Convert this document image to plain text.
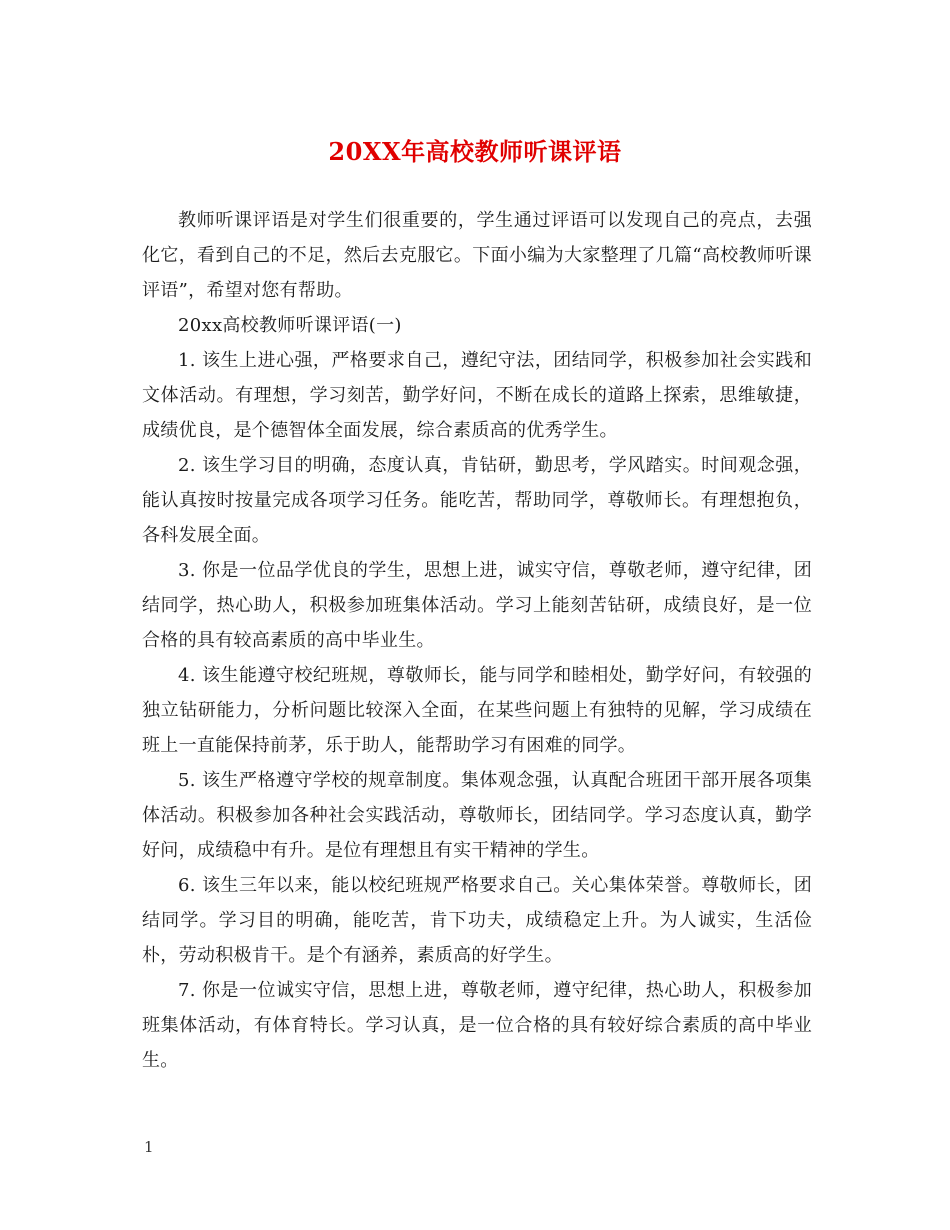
20XX年高校教师听课评语

教师听课评语是对学生们很重要的，学生通过评语可以发现自己的亮点，去强化它，看到自己的不足，然后去克服它。下面小编为大家整理了几篇“高校教师听课评语”，希望对您有帮助。

20xx高校教师听课评语(一)

1. 该生上进心强，严格要求自己，遵纪守法，团结同学，积极参加社会实践和文体活动。有理想，学习刻苦，勤学好问，不断在成长的道路上探索，思维敏捷，成绩优良，是个德智体全面发展，综合素质高的优秀学生。

2. 该生学习目的明确，态度认真，肯钻研，勤思考，学风踏实。时间观念强，能认真按时按量完成各项学习任务。能吃苦，帮助同学，尊敬师长。有理想抱负，各科发展全面。

3. 你是一位品学优良的学生，思想上进，诚实守信，尊敬老师，遵守纪律，团结同学，热心助人，积极参加班集体活动。学习上能刻苦钻研，成绩良好，是一位合格的具有较高素质的高中毕业生。

4. 该生能遵守校纪班规，尊敬师长，能与同学和睦相处，勤学好问，有较强的独立钻研能力，分析问题比较深入全面，在某些问题上有独特的见解，学习成绩在班上一直能保持前茅，乐于助人，能帮助学习有困难的同学。

5. 该生严格遵守学校的规章制度。集体观念强，认真配合班团干部开展各项集体活动。积极参加各种社会实践活动，尊敬师长，团结同学。学习态度认真，勤学好问，成绩稳中有升。是位有理想且有实干精神的学生。

6. 该生三年以来，能以校纪班规严格要求自己。关心集体荣誉。尊敬师长，团结同学。学习目的明确，能吃苦，肯下功夫，成绩稳定上升。为人诚实，生活俭朴，劳动积极肯干。是个有涵养，素质高的好学生。

7. 你是一位诚实守信，思想上进，尊敬老师，遵守纪律，热心助人，积极参加班集体活动，有体育特长。学习认真，是一位合格的具有较好综合素质的高中毕业生。

1
